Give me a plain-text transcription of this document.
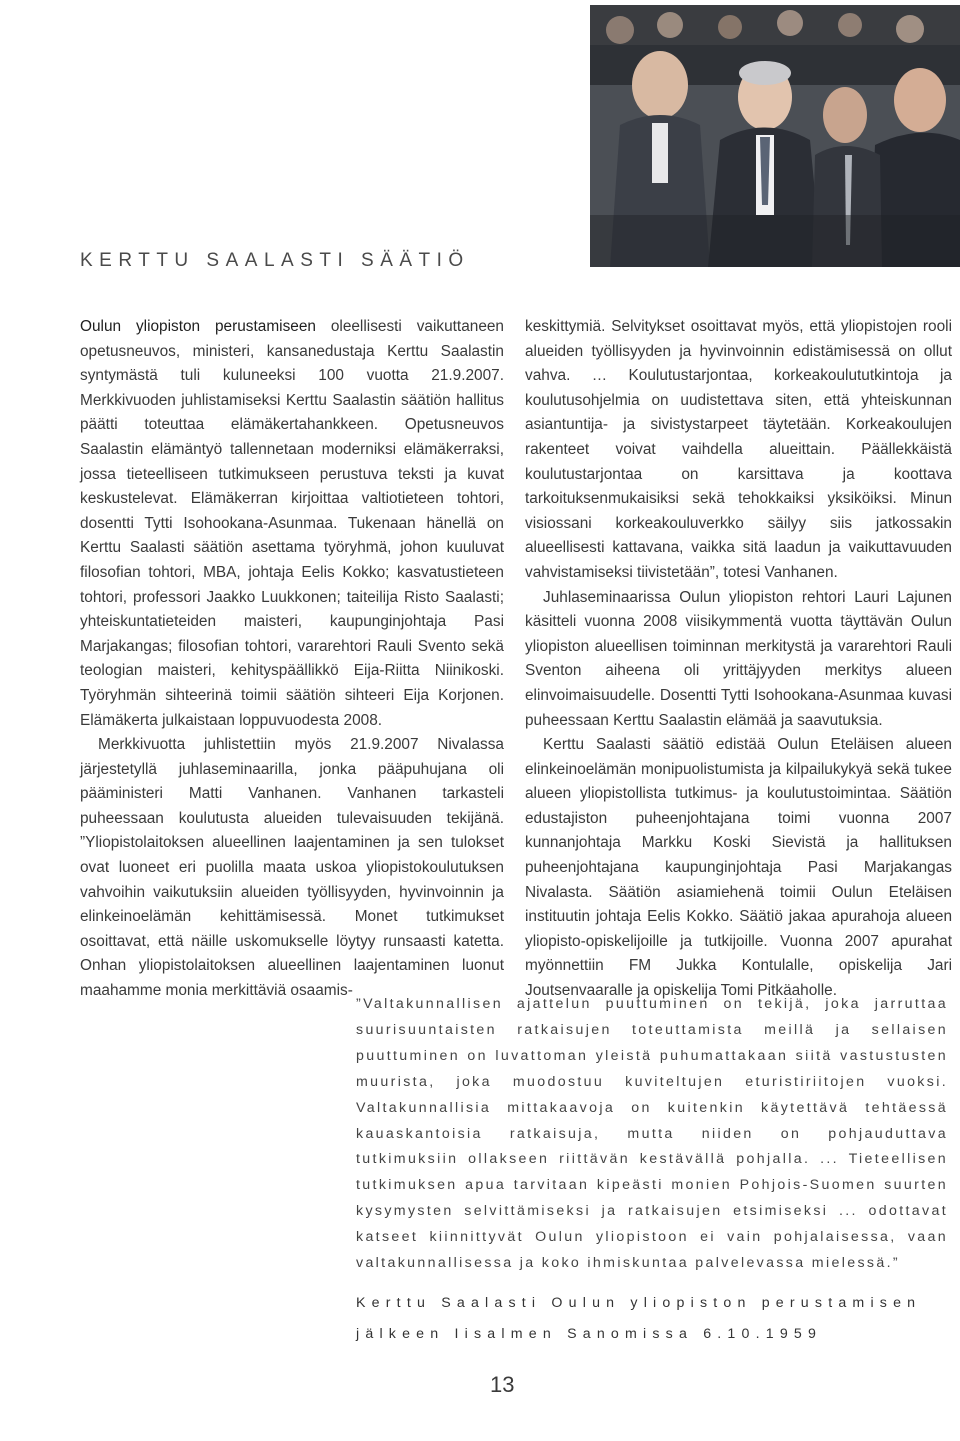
KERTTU SAALASTI SÄÄTIÖ

Oulun yliopiston perustamiseen oleellisesti vaikuttaneen opetusneuvos, ministeri, kansanedustaja Kerttu Saalastin syntymästä tuli kuluneeksi 100 vuotta 21.9.2007. Merkkivuoden juhlistamiseksi Kerttu Saalastin säätiön hallitus päätti toteuttaa elämäkertahankkeen. Opetusneuvos Saalastin elämäntyö tallennetaan moderniksi elämäkerraksi, jossa tieteelliseen tutkimukseen perustuva teksti ja kuvat keskustelevat. Elämäkerran kirjoittaa valtiotieteen tohtori, dosentti Tytti Isohookana-Asunmaa. Tukenaan hänellä on Kerttu Saalasti säätiön asettama työryhmä, johon kuuluvat filosofian tohtori, MBA, johtaja Eelis Kokko; kasvatustieteen tohtori, professori Jaakko Luukkonen; taiteilija Risto Saalasti; yhteiskuntatieteiden maisteri, kaupunginjohtaja Pasi Marjakangas; filosofian tohtori, vararehtori Rauli Svento sekä teologian maisteri, kehityspäällikkö Eija-Riitta Niinikoski. Työryhmän sihteerinä toimii säätiön sihteeri Eija Korjonen. Elämäkerta julkaistaan loppuvuodesta 2008.

Merkkivuotta juhlistettiin myös 21.9.2007 Nivalassa järjestetyllä juhlaseminaarilla, jonka pääpuhujana oli pääministeri Matti Vanhanen. Vanhanen tarkasteli puheessaan koulutusta alueiden tulevaisuuden tekijänä. ”Yliopistolaitoksen alueellinen laajentaminen ja sen tulokset ovat luoneet eri puolilla maata uskoa yliopistokoulutuksen vahvoihin vaikutuksiin alueiden työllisyyden, hyvinvoinnin ja elinkeinoelämän kehittämisessä. Monet tutkimukset osoittavat, että näille uskomukselle löytyy runsaasti katetta. Onhan yliopistolaitoksen alueellinen laajentaminen luonut maahamme monia merkittäviä osaamis-

keskittymiä. Selvitykset osoittavat myös, että yliopistojen rooli alueiden työllisyyden ja hyvinvoinnin edistämisessä on ollut vahva. … Koulutustarjontaa, korkeakoulututkintoja ja koulutusohjelmia on uudistettava siten, että yhteiskunnan asiantuntija- ja sivistystarpeet täytetään. Korkeakoulujen rakenteet voivat vaihdella alueittain. Päällekkäistä koulutustarjontaa on karsittava ja koottava tarkoituksenmukaisiksi sekä tehokkaiksi yksiköiksi. Minun visiossani korkeakouluverkko säilyy siis jatkossakin alueellisesti kattavana, vaikka sitä laadun ja vaikuttavuuden vahvistamiseksi tiivistetään”, totesi Vanhanen.

Juhlaseminaarissa Oulun yliopiston rehtori Lauri Lajunen käsitteli vuonna 2008 viisikymmentä vuotta täyttävän Oulun yliopiston alueellisen toiminnan merkitystä ja vararehtori Rauli Sventon aiheena oli yrittäjyyden merkitys alueen elinvoimaisuudelle. Dosentti Tytti Isohookana-Asunmaa kuvasi puheessaan Kerttu Saalastin elämää ja saavutuksia.

Kerttu Saalasti säätiö edistää Oulun Eteläisen alueen elinkeinoelämän monipuolistumista ja kilpailukykyä sekä tukee alueen yliopistollista tutkimus- ja koulutustoimintaa. Säätiön edustajiston puheenjohtajana toimi vuonna 2007 kunnanjohtaja Markku Koski Sievistä ja hallituksen puheenjohtajana kaupunginjohtaja Pasi Marjakangas Nivalasta. Säätiön asiamiehenä toimii Oulun Eteläisen instituutin johtaja Eelis Kokko. Säätiö jakaa apurahoja alueen yliopisto-opiskelijoille ja tutkijoille. Vuonna 2007 apurahat myönnettiin FM Jukka Kontulalle, opiskelija Jari Joutsenvaaralle ja opiskelija Tomi Pitkäaholle.

”Valtakunnallisen ajattelun puuttuminen on tekijä, joka jarruttaa suurisuuntaisten ratkaisujen toteuttamista meillä ja sellaisen puuttuminen on luvattoman yleistä puhumattakaan siitä vastustusten muurista, joka muodostuu kuviteltujen eturistiriitojen vuoksi. Valtakunnallisia mittakaavoja on kuitenkin käytettävä tehtäessä kauaskantoisia ratkaisuja, mutta niiden on pohjauduttava tutkimuksiin ollakseen riittävän kestävällä pohjalla. ... Tieteellisen tutkimuksen apua tarvitaan kipeästi monien Pohjois-Suomen suurten kysymysten selvittämiseksi ja ratkaisujen etsimiseksi ... odottavat katseet kiinnittyvät Oulun yliopistoon ei vain pohjalaisessa, vaan valtakunnallisessa ja koko ihmiskuntaa palvelevassa mielessä.”
Kerttu Saalasti Oulun yliopiston perustamisen
jälkeen Iisalmen Sanomissa 6.10.1959
13
